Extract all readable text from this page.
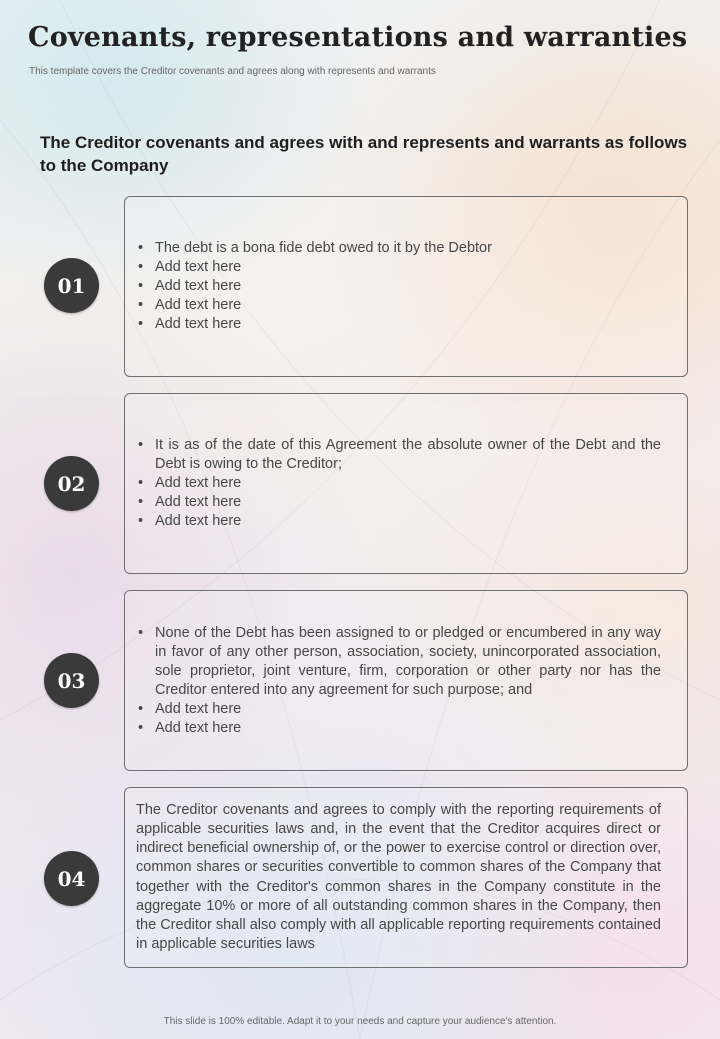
Covenants, representations and warranties
This template covers the Creditor covenants and agrees along with represents and warrants
The Creditor covenants and agrees with and represents and warrants as follows to the Company
01
• The debt is a bona fide debt owed to it by the Debtor
• Add text here
• Add text here
• Add text here
• Add text here
02
• It is as of the date of this Agreement the absolute owner of the Debt and the Debt is owing to the Creditor;
• Add text here
• Add text here
• Add text here
03
• None of the Debt has been assigned to or pledged or encumbered in any way in favor of any other person, association, society, unincorporated association, sole proprietor, joint venture, firm, corporation or other party nor has the Creditor entered into any agreement for such purpose; and
• Add text here
• Add text here
04

The Creditor covenants and agrees to comply with the reporting requirements of applicable securities laws and, in the event that the Creditor acquires direct or indirect beneficial ownership of, or the power to exercise control or direction over, common shares or securities convertible to common shares of the Company that together with the Creditor's common shares in the Company constitute in the aggregate 10% or more of all outstanding common shares in the Company, then the Creditor shall also comply with all applicable reporting requirements contained in applicable securities laws

This slide is 100% editable. Adapt it to your needs and capture your audience's attention.
